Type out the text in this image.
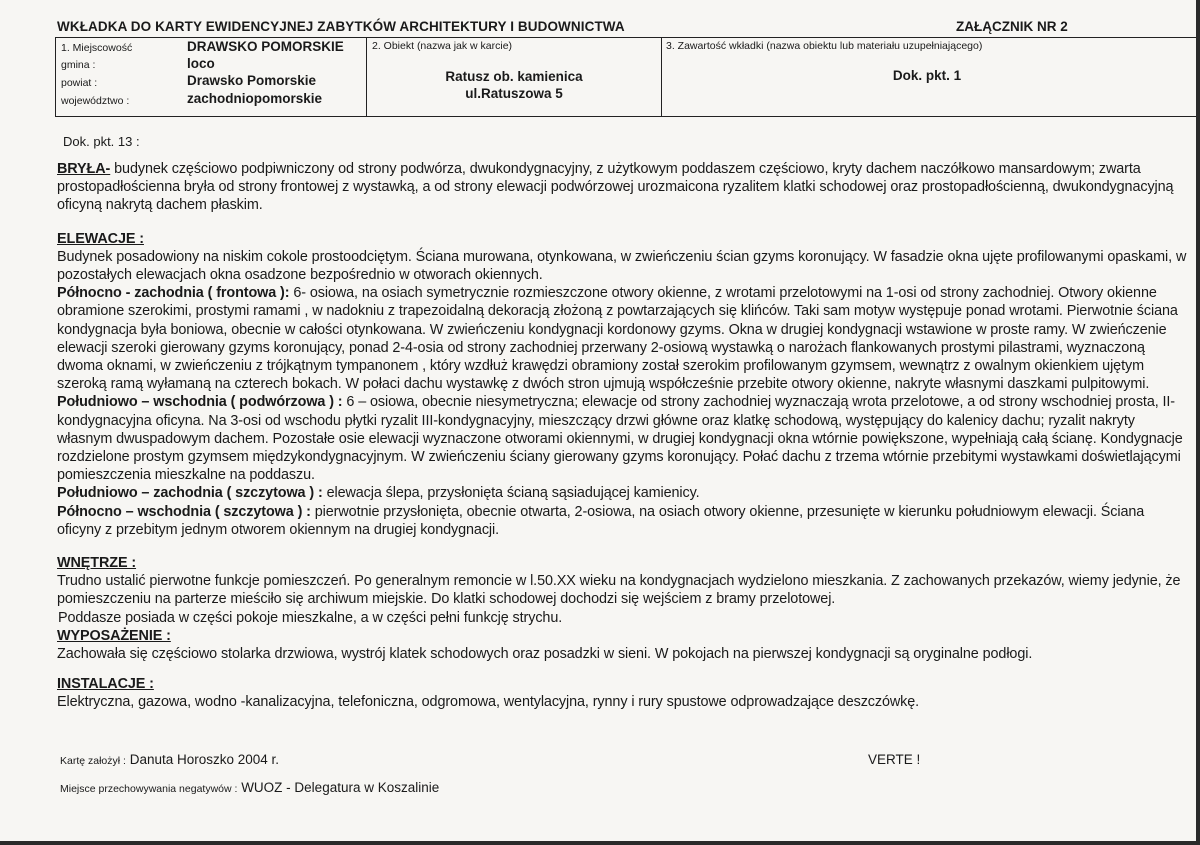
WKŁADKA DO KARTY EWIDENCYJNEJ ZABYTKÓW ARCHITEKTURY I BUDOWNICTWA	ZAŁĄCZNIK NR 2
1. Miejscowość	DRAWSKO POMORSKIE
gmina :	loco
powiat :	Drawsko Pomorskie
województwo :	zachodniopomorskie
2. Obiekt (nazwa jak w karcie)
Ratusz ob. kamienica
ul.Ratuszowa 5
3. Zawartość wkładki (nazwa obiektu lub materiału uzupełniającego)
Dok. pkt. 1
Dok. pkt. 13 :

BRYŁA- budynek częściowo podpiwniczony od strony podwórza, dwukondygnacyjny, z użytkowym poddaszem częściowo, kryty dachem naczółkowo mansardowym; zwarta prostopadłościenna bryła od strony frontowej z wystawką, a od strony elewacji podwórzowej urozmaicona ryzalitem klatki schodowej oraz prostopadłościenną, dwukondygnacyjną oficyną nakrytą dachem płaskim.

ELEWACJE :

Budynek posadowiony na niskim cokole prostoodciętym. Ściana murowana, otynkowana, w zwieńczeniu ścian gzyms koronujący. W fasadzie okna ujęte profilowanymi opaskami, w pozostałych elewacjach okna osadzone bezpośrednio w otworach okiennych.

Północno - zachodnia ( frontowa ): 6- osiowa, na osiach symetrycznie rozmieszczone otwory okienne, z wrotami przelotowymi na 1-osi od strony zachodniej. Otwory okienne obramione szerokimi, prostymi ramami , w nadokniu z trapezoidalną dekoracją złożoną z powtarzających się klińców. Taki sam motyw występuje ponad wrotami. Pierwotnie ściana kondygnacja była boniowa, obecnie w całości otynkowana. W zwieńczeniu kondygnacji kordonowy gzyms. Okna w drugiej kondygnacji wstawione w proste ramy. W zwieńczenie elewacji szeroki gierowany gzyms koronujący, ponad 2-4-osia od strony zachodniej przerwany 2-osiową wystawką o narożach flankowanych prostymi pilastrami, wyznaczoną dwoma oknami, w zwieńczeniu z trójkątnym tympanonem , który wzdłuż krawędzi obramiony został szerokim profilowanym gzymsem, wewnątrz z owalnym okienkiem ujętym szeroką ramą wyłamaną na czterech bokach. W połaci dachu wystawkę z dwóch stron ujmują współcześnie przebite otwory okienne, nakryte własnymi daszkami pulpitowymi.

Południowo – wschodnia ( podwórzowa ) : 6 – osiowa, obecnie niesymetryczna; elewacje od strony zachodniej wyznaczają wrota przelotowe, a od strony wschodniej prosta, II-kondygnacyjna oficyna. Na 3-osi od wschodu płytki ryzalit III-kondygnacyjny, mieszczący drzwi główne oraz klatkę schodową, występujący do kalenicy dachu; ryzalit nakryty własnym dwuspadowym dachem. Pozostałe osie elewacji wyznaczone otworami okiennymi, w drugiej kondygnacji okna wtórnie powiększone, wypełniają całą ścianę. Kondygnacje rozdzielone prostym gzymsem międzykondygnacyjnym. W zwieńczeniu ściany gierowany gzyms koronujący. Połać dachu z trzema wtórnie przebitymi wystawkami doświetlającymi pomieszczenia mieszkalne na poddaszu.

Południowo – zachodnia ( szczytowa ) : elewacja ślepa, przysłonięta ścianą sąsiadującej kamienicy.

Północno – wschodnia ( szczytowa ) : pierwotnie przysłonięta, obecnie otwarta, 2-osiowa, na osiach otwory okienne, przesunięte w kierunku południowym elewacji. Ściana oficyny z przebitym jednym otworem okiennym na drugiej kondygnacji.

WNĘTRZE :

Trudno ustalić pierwotne funkcje pomieszczeń. Po generalnym remoncie w l.50.XX wieku na kondygnacjach wydzielono mieszkania. Z zachowanych przekazów, wiemy jedynie, że pomieszczeniu na parterze mieściło się archiwum miejskie. Do klatki schodowej dochodzi się wejściem z bramy przelotowej.

Poddasze posiada w części pokoje mieszkalne, a w części pełni funkcję strychu.

WYPOSAŻENIE :

Zachowała się częściowo stolarka drzwiowa, wystrój klatek schodowych oraz posadzki w sieni. W pokojach na pierwszej kondygnacji są oryginalne podłogi.

INSTALACJE :

Elektryczna, gazowa, wodno -kanalizacyjna, telefoniczna, odgromowa, wentylacyjna, rynny i rury spustowe odprowadzające deszczówkę.

Kartę założył : Danuta Horoszko 2004 r.	VERTE !
Miejsce przechowywania negatywów : WUOZ - Delegatura w Koszalinie
